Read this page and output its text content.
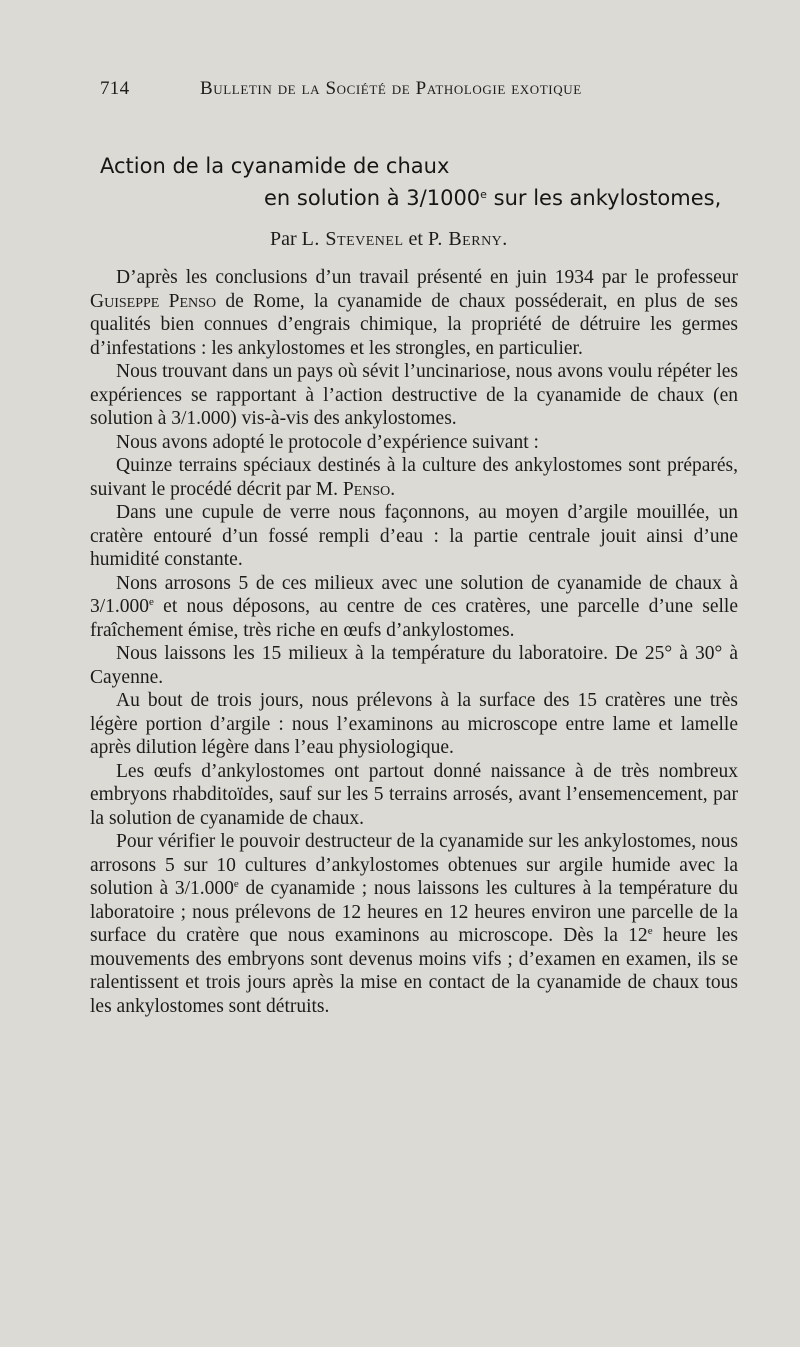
714	Bulletin de la Société de Pathologie exotique
Action de la cyanamide de chaux
en solution à 3/1000e sur les ankylostomes,
Par L. Stevenel et P. Berny.

D’après les conclusions d’un travail présenté en juin 1934 par le professeur Guiseppe Penso de Rome, la cyanamide de chaux posséderait, en plus de ses qualités bien connues d’engrais chimique, la propriété de détruire les germes d’infestations : les ankylostomes et les strongles, en particulier.

Nous trouvant dans un pays où sévit l’uncinariose, nous avons voulu répéter les expériences se rapportant à l’action destructive de la cyanamide de chaux (en solution à 3/1.000) vis-à-vis des ankylostomes.

Nous avons adopté le protocole d’expérience suivant :

Quinze terrains spéciaux destinés à la culture des ankylostomes sont préparés, suivant le procédé décrit par M. Penso.

Dans une cupule de verre nous façonnons, au moyen d’argile mouillée, un cratère entouré d’un fossé rempli d’eau : la partie centrale jouit ainsi d’une humidité constante.

Nons arrosons 5 de ces milieux avec une solution de cyanamide de chaux à 3/1.000e et nous déposons, au centre de ces cratères, une parcelle d’une selle fraîchement émise, très riche en œufs d’ankylostomes.

Nous laissons les 15 milieux à la température du laboratoire. De 25° à 30° à Cayenne.

Au bout de trois jours, nous prélevons à la surface des 15 cratères une très légère portion d’argile : nous l’examinons au microscope entre lame et lamelle après dilution légère dans l’eau physiologique.

Les œufs d’ankylostomes ont partout donné naissance à de très nombreux embryons rhabditoïdes, sauf sur les 5 terrains arrosés, avant l’ensemencement, par la solution de cyanamide de chaux.

Pour vérifier le pouvoir destructeur de la cyanamide sur les ankylostomes, nous arrosons 5 sur 10 cultures d’ankylostomes obtenues sur argile humide avec la solution à 3/1.000e de cyanamide ; nous laissons les cultures à la température du laboratoire ; nous prélevons de 12 heures en 12 heures environ une parcelle de la surface du cratère que nous examinons au microscope. Dès la 12e heure les mouvements des embryons sont devenus moins vifs ; d’examen en examen, ils se ralentissent et trois jours après la mise en contact de la cyanamide de chaux tous les ankylostomes sont détruits.
